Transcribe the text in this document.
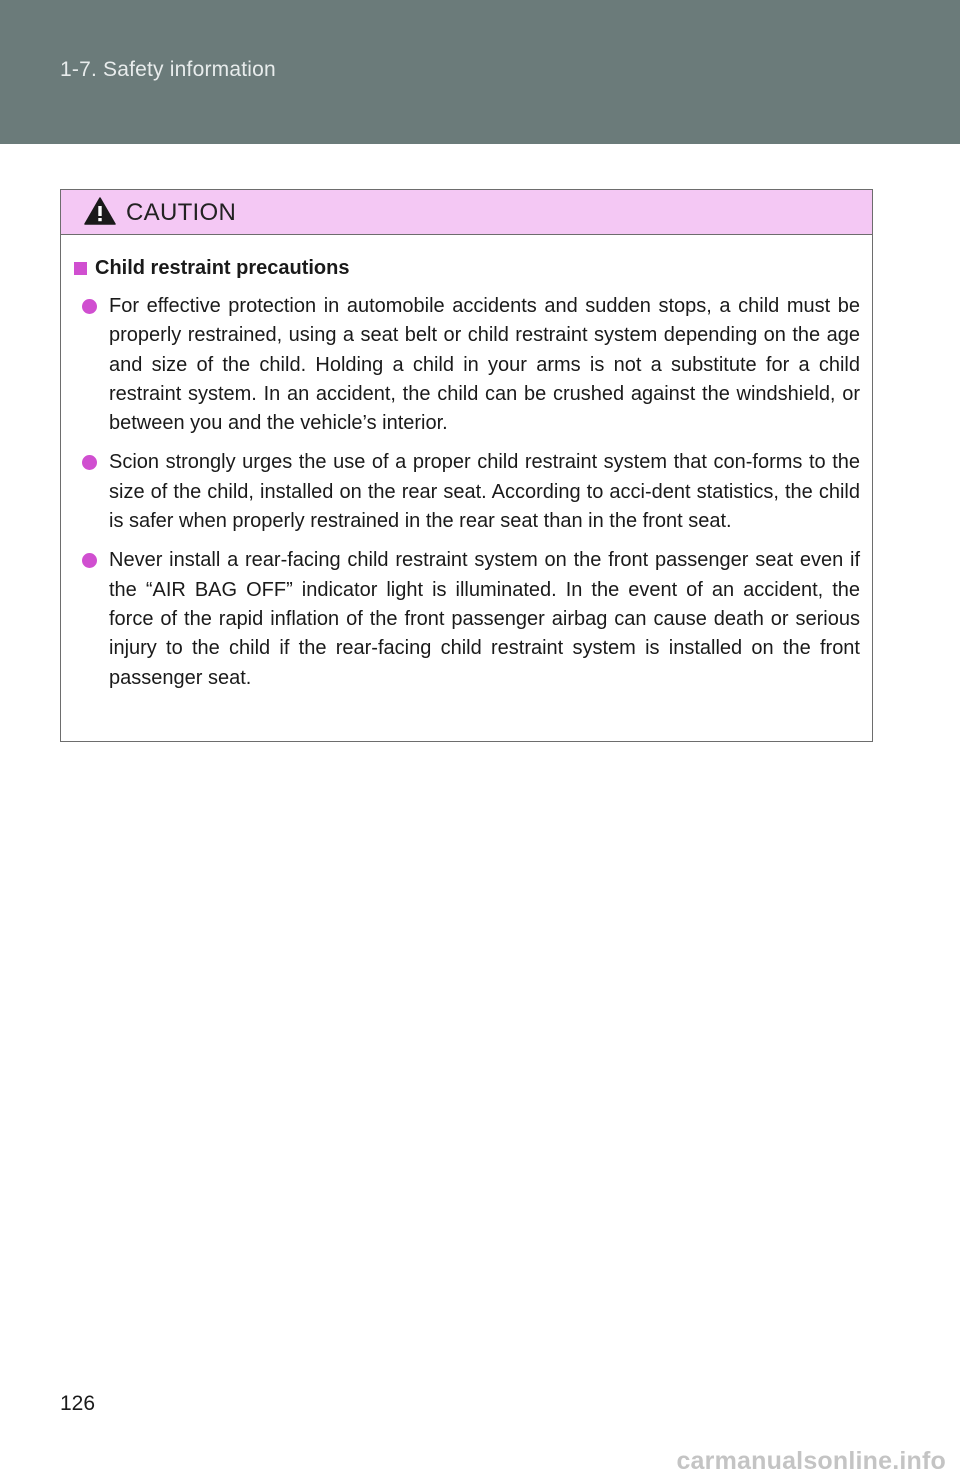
1-7. Safety information
CAUTION
Child restraint precautions
For effective protection in automobile accidents and sudden stops, a child must be properly restrained, using a seat belt or child restraint system depending on the age and size of the child. Holding a child in your arms is not a substitute for a child restraint system. In an accident, the child can be crushed against the windshield, or between you and the vehicle’s interior.
Scion strongly urges the use of a proper child restraint system that con-forms to the size of the child, installed on the rear seat. According to acci-dent statistics, the child is safer when properly restrained in the rear seat than in the front seat.
Never install a rear-facing child restraint system on the front passenger seat even if the “AIR BAG OFF” indicator light is illuminated. In the event of an accident, the force of the rapid inflation of the front passenger airbag can cause death or serious injury to the child if the rear-facing child restraint system is installed on the front passenger seat.
126
carmanualsonline.info
